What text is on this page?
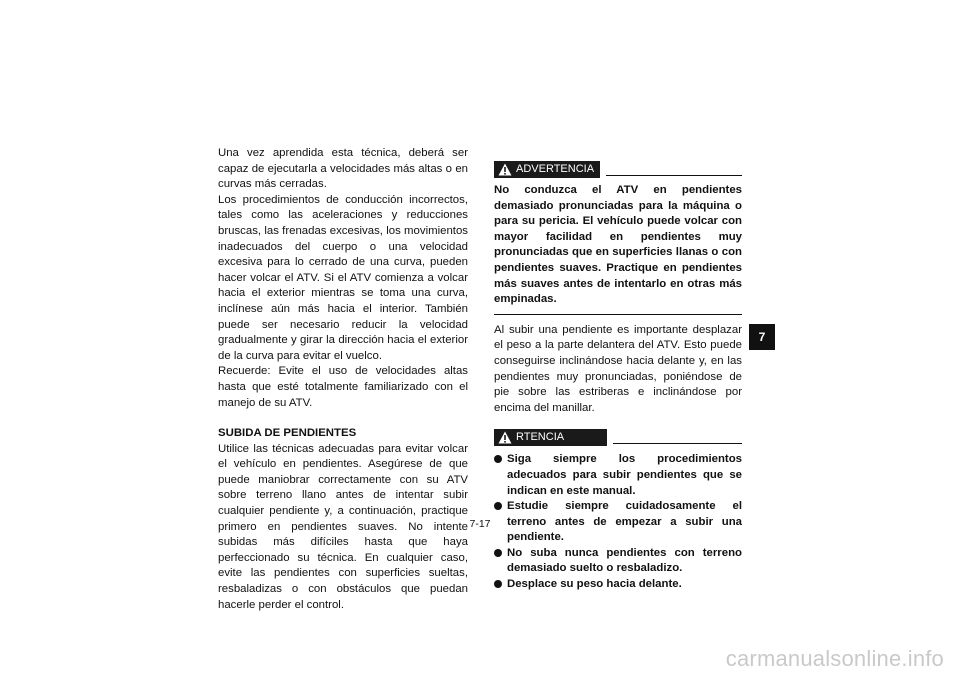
Una vez aprendida esta técnica, deberá ser capaz de ejecutarla a velocidades más altas o en curvas más cerradas.

Los procedimientos de conducción incorrectos, tales como las aceleraciones y reducciones bruscas, las frenadas excesivas, los movimientos inadecuados del cuerpo o una velocidad excesiva para lo cerrado de una curva, pueden hacer volcar el ATV. Si el ATV comienza a volcar hacia el exterior mientras se toma una curva, inclínese aún más hacia el interior. También puede ser necesario reducir la velocidad gradualmente y girar la dirección hacia el exterior de la curva para evitar el vuelco.

Recuerde: Evite el uso de velocidades altas hasta que esté totalmente familiarizado con el manejo de su ATV.

SUBIDA DE PENDIENTES

Utilice las técnicas adecuadas para evitar volcar el vehículo en pendientes. Asegúrese de que puede maniobrar correctamente con su ATV sobre terreno llano antes de intentar subir cualquier pendiente y, a continuación, practique primero en pendientes suaves. No intente subidas más difíciles hasta que haya perfeccionado su técnica. En cualquier caso, evite las pendientes con superficies sueltas, resbaladizas o con obstáculos que puedan hacerle perder el control.

ADVERTENCIA

No conduzca el ATV en pendientes demasiado pronunciadas para la máquina o para su pericia. El vehículo puede volcar con mayor facilidad en pendientes muy pronunciadas que en superficies llanas o con pendientes suaves. Practique en pendientes más suaves antes de intentarlo en otras más empinadas.

Al subir una pendiente es importante desplazar el peso a la parte delantera del ATV. Esto puede conseguirse inclinándose hacia delante y, en las pendientes muy pronunciadas, poniéndose de pie sobre las estriberas e inclinándose por encima del manillar.

RTENCIA
Siga siempre los procedimientos adecuados para subir pendientes que se indican en este manual.
Estudie siempre cuidadosamente el terreno antes de empezar a subir una pendiente.
No suba nunca pendientes con terreno demasiado suelto o resbaladizo.
Desplace su peso hacia delante.
7
7-17
carmanualsonline.info
